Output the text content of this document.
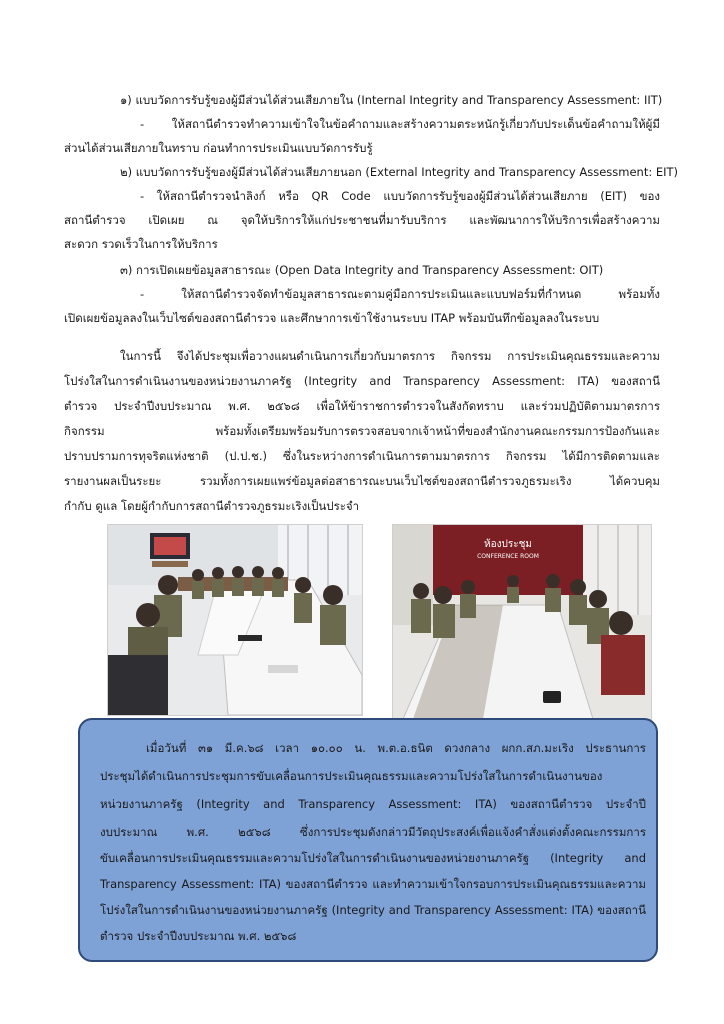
๑) แบบวัดการรับรู้ของผู้มีส่วนได้ส่วนเสียภายใน (Internal Integrity and Transparency Assessment: IIT)
- ให้สถานีตำรวจทำความเข้าใจในข้อคำถามและสร้างความตระหนักรู้เกี่ยวกับประเด็นข้อคำถามให้ผู้มี
ส่วนได้ส่วนเสียภายในทราบ ก่อนทำการประเมินแบบวัดการรับรู้
๒) แบบวัดการรับรู้ของผู้มีส่วนได้ส่วนเสียภายนอก (External Integrity and Transparency Assessment: EIT)
- ให้สถานีตำรวจนำลิงก์ หรือ QR Code แบบวัดการรับรู้ของผู้มีส่วนได้ส่วนเสียภาย (EIT) ของ
สถานีตำรวจ เปิดเผย ณ จุดให้บริการให้แก่ประชาชนที่มารับบริการ และพัฒนาการให้บริการเพื่อสร้างความ
สะดวก รวดเร็วในการให้บริการ
๓) การเปิดเผยข้อมูลสาธารณะ (Open Data Integrity and Transparency Assessment: OIT)
- ให้สถานีตำรวจจัดทำข้อมูลสาธารณะตามคู่มือการประเมินและแบบฟอร์มที่กำหนด พร้อมทั้ง
เปิดเผยข้อมูลลงในเว็บไซต์ของสถานีตำรวจ และศึกษาการเข้าใช้งานระบบ ITAP พร้อมบันทึกข้อมูลลงในระบบ
ในการนี้ จึงได้ประชุมเพื่อวางแผนดำเนินการเกี่ยวกับมาตรการ กิจกรรม การประเมินคุณธรรมและความ
โปร่งใสในการดำเนินงานของหน่วยงานภาครัฐ (Integrity and Transparency Assessment: ITA) ของสถานี
ตำรวจ ประจำปีงบประมาณ พ.ศ. ๒๕๖๘ เพื่อให้ข้าราชการตำรวจในสังกัดทราบ และร่วมปฏิบัติตามมาตรการ
กิจกรรม พร้อมทั้งเตรียมพร้อมรับการตรวจสอบจากเจ้าหน้าที่ของสำนักงานคณะกรรมการป้องกันและ
ปราบปรามการทุจริตแห่งชาติ (ป.ป.ช.) ซึ่งในระหว่างการดำเนินการตามมาตรการ กิจกรรม ได้มีการติดตามและ
รายงานผลเป็นระยะ รวมทั้งการเผยแพร่ข้อมูลต่อสาธารณะบนเว็บไซต์ของสถานีตำรวจภูธรมะเริง ได้ควบคุม
กำกับ ดูแล โดยผู้กำกับการสถานีตำรวจภูธรมะเริงเป็นประจำ
ห้องประชุม
CONFERENCE ROOM
เมื่อวันที่ ๓๑ มี.ค.๖๘ เวลา ๑๐.๐๐ น. พ.ต.อ.ธนิต ดวงกลาง ผกก.สภ.มะเริง ประธานการ
ประชุมได้ดำเนินการประชุมการขับเคลื่อนการประเมินคุณธรรมและความโปร่งใสในการดำเนินงานของ
หน่วยงานภาครัฐ (Integrity and Transparency Assessment: ITA) ของสถานีตำรวจ ประจำปี
งบประมาณ พ.ศ. ๒๕๖๘ ซึ่งการประชุมดังกล่าวมีวัตถุประสงค์เพื่อแจ้งคำสั่งแต่งตั้งคณะกรรมการ
ขับเคลื่อนการประเมินคุณธรรมและความโปร่งใสในการดำเนินงานของหน่วยงานภาครัฐ (Integrity and
Transparency Assessment: ITA) ของสถานีตำรวจ และทำความเข้าใจกรอบการประเมินคุณธรรมและความ
โปร่งใสในการดำเนินงานของหน่วยงานภาครัฐ (Integrity and Transparency Assessment: ITA) ของสถานี
ตำรวจ ประจำปีงบประมาณ พ.ศ. ๒๕๖๘
